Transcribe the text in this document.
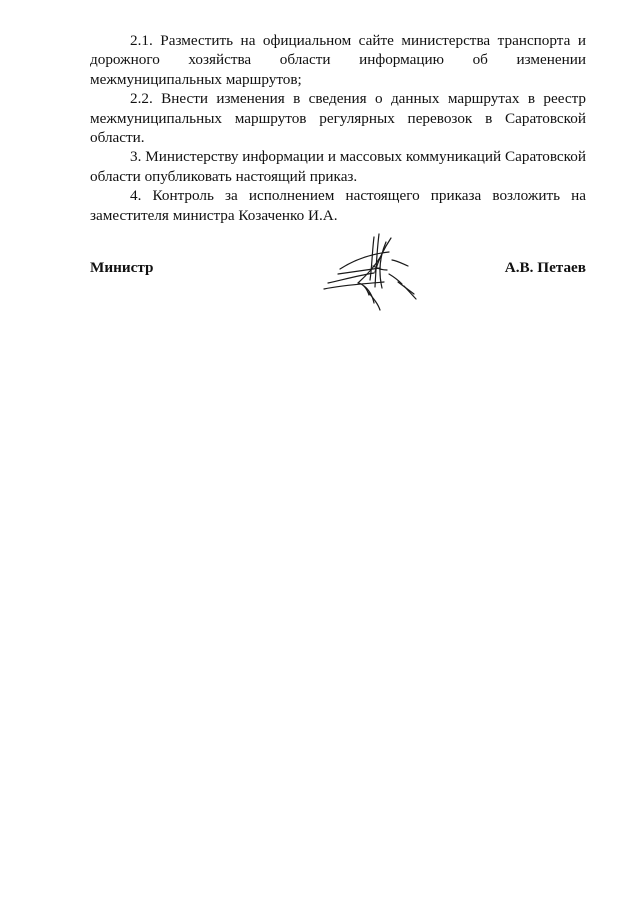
2.1. Разместить на официальном сайте министерства транспорта и дорожного хозяйства области информацию об изменении межмуниципальных маршрутов;

2.2. Внести изменения в сведения о данных маршрутах в реестр межмуниципальных маршрутов регулярных перевозок в Саратовской области.

3. Министерству информации и массовых коммуникаций Саратовской области опубликовать настоящий приказ.

4. Контроль за исполнением настоящего приказа возложить на заместителя министра Козаченко И.А.

Министр	А.В. Петаев
